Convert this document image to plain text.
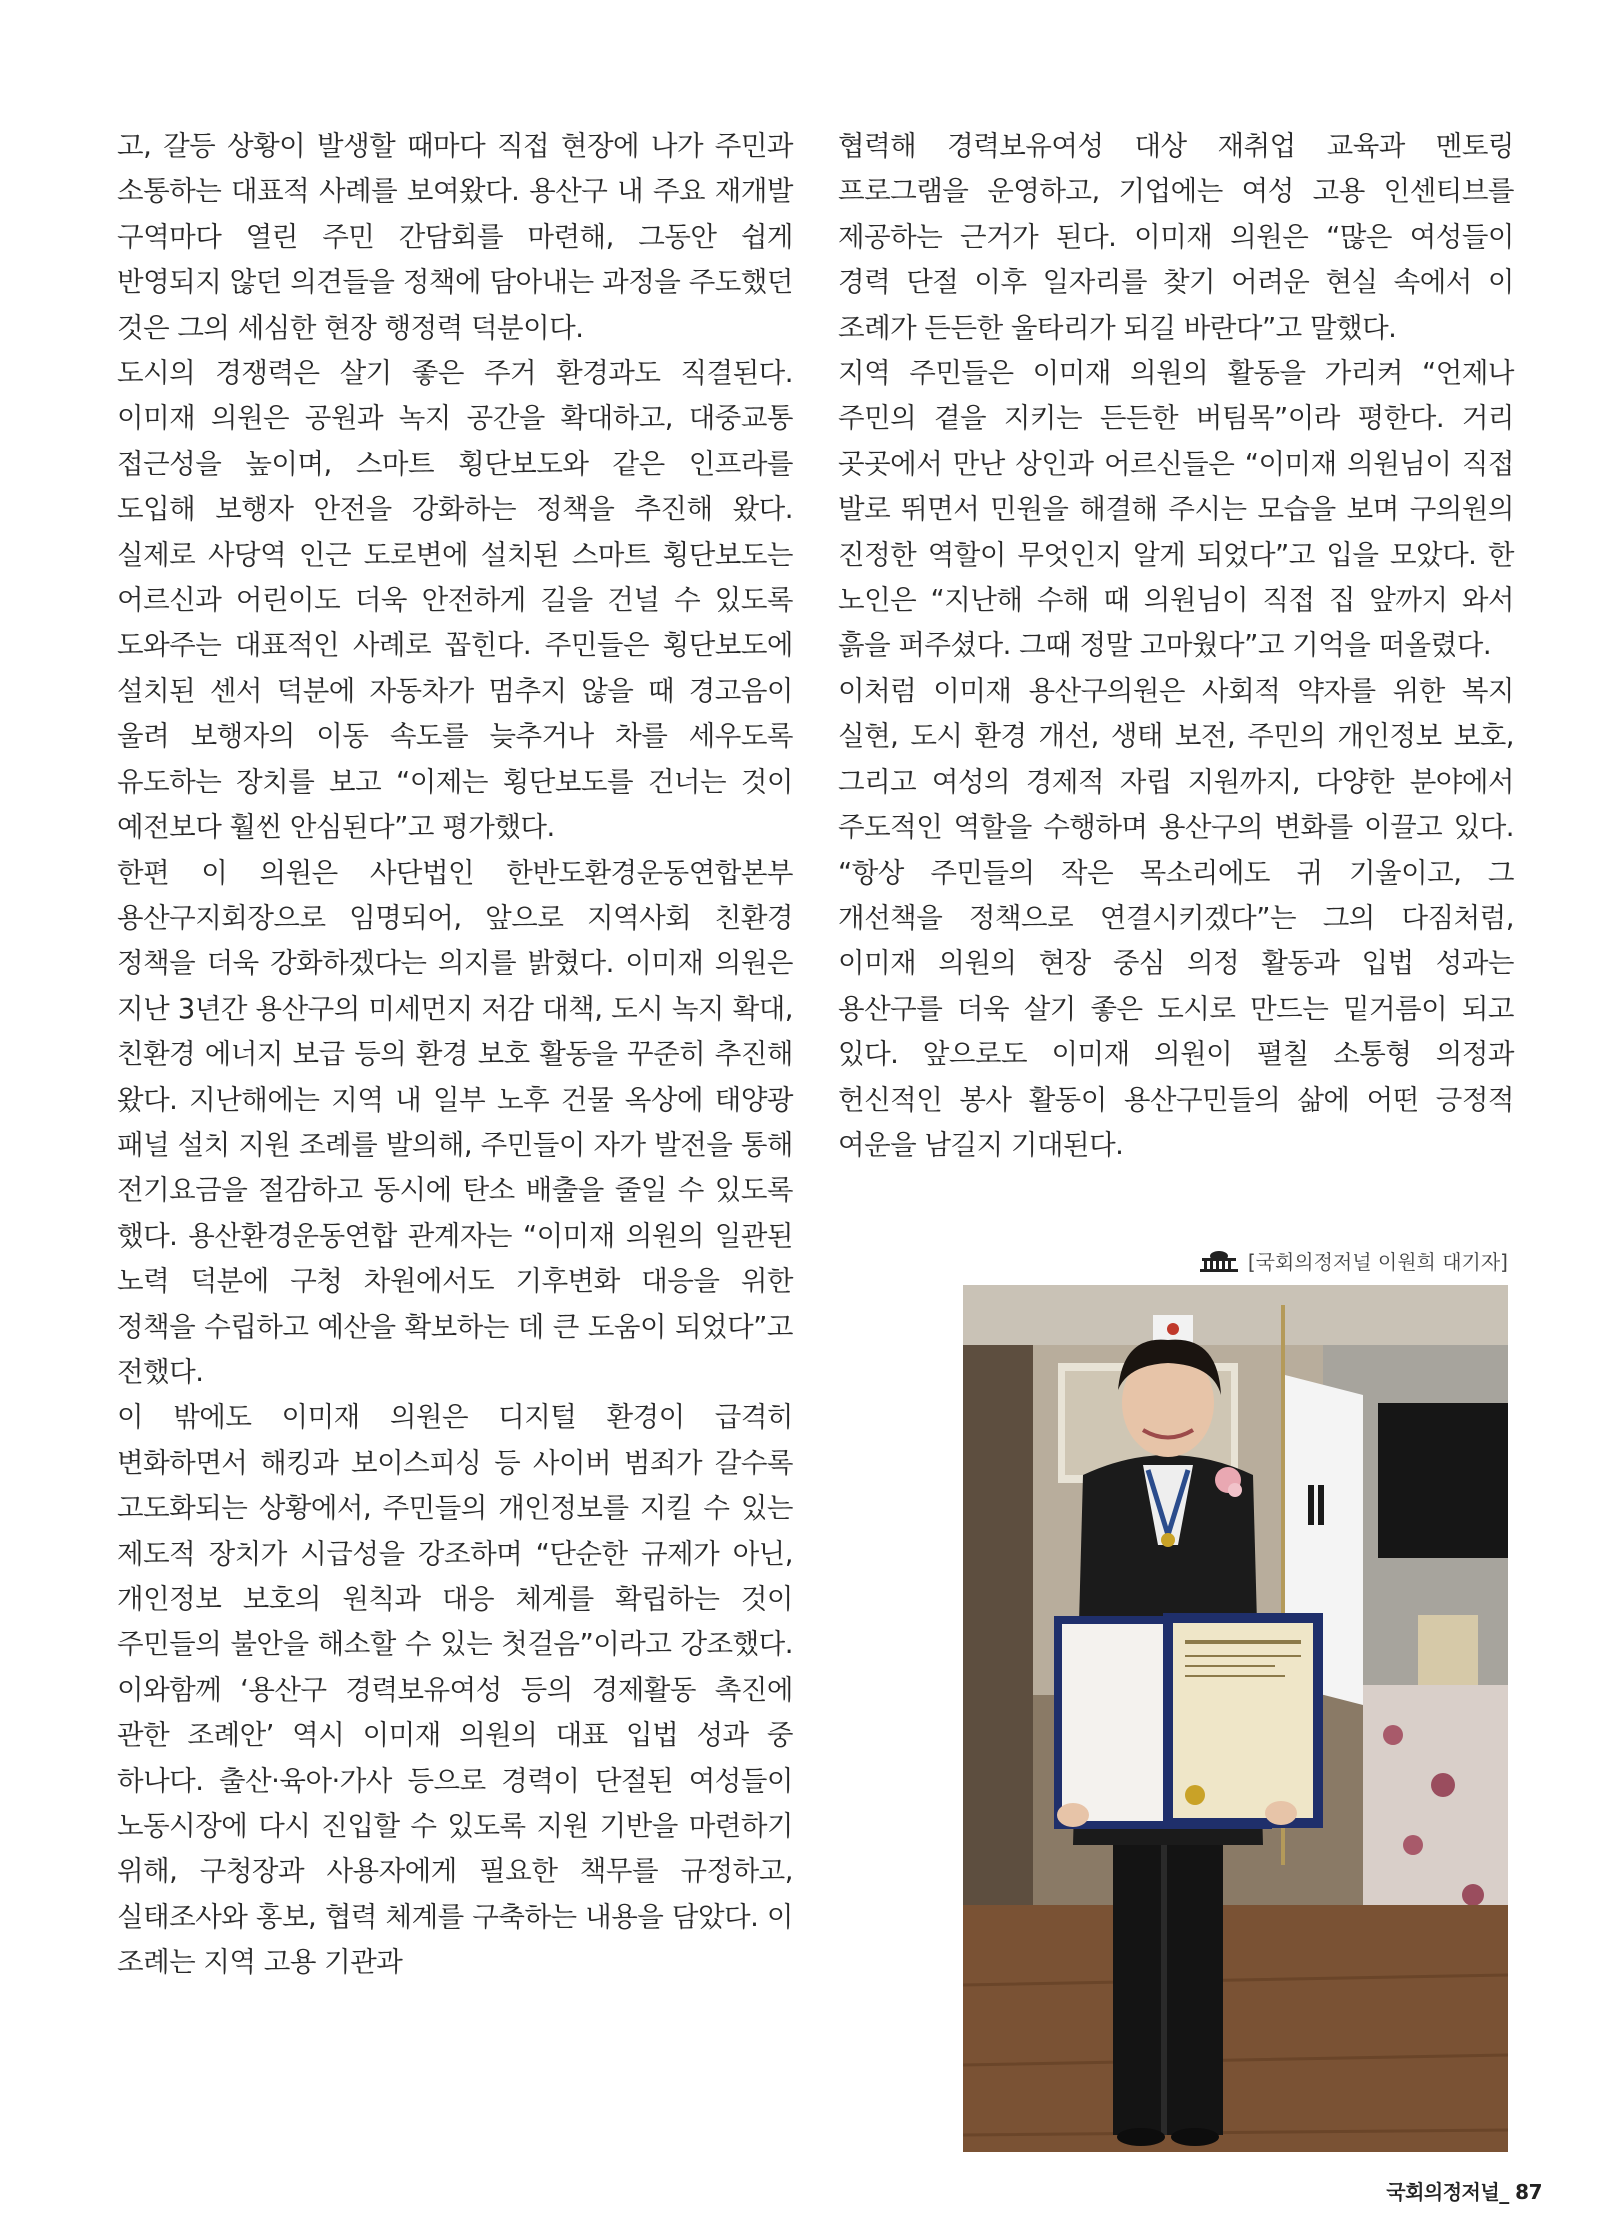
고, 갈등 상황이 발생할 때마다 직접 현장에 나가 주민과 소통하는 대표적 사례를 보여왔다. 용산구 내 주요 재개발 구역마다 열린 주민 간담회를 마련해, 그동안 쉽게 반영되지 않던 의견들을 정책에 담아내는 과정을 주도했던 것은 그의 세심한 현장 행정력 덕분이다.

도시의 경쟁력은 살기 좋은 주거 환경과도 직결된다. 이미재 의원은 공원과 녹지 공간을 확대하고, 대중교통 접근성을 높이며, 스마트 횡단보도와 같은 인프라를 도입해 보행자 안전을 강화하는 정책을 추진해 왔다. 실제로 사당역 인근 도로변에 설치된 스마트 횡단보도는 어르신과 어린이도 더욱 안전하게 길을 건널 수 있도록 도와주는 대표적인 사례로 꼽힌다. 주민들은 횡단보도에 설치된 센서 덕분에 자동차가 멈추지 않을 때 경고음이 울려 보행자의 이동 속도를 늦추거나 차를 세우도록 유도하는 장치를 보고 “이제는 횡단보도를 건너는 것이 예전보다 훨씬 안심된다”고 평가했다.

한편 이 의원은 사단법인 한반도환경운동연합본부 용산구지회장으로 임명되어, 앞으로 지역사회 친환경 정책을 더욱 강화하겠다는 의지를 밝혔다. 이미재 의원은 지난 3년간 용산구의 미세먼지 저감 대책, 도시 녹지 확대, 친환경 에너지 보급 등의 환경 보호 활동을 꾸준히 추진해 왔다. 지난해에는 지역 내 일부 노후 건물 옥상에 태양광 패널 설치 지원 조례를 발의해, 주민들이 자가 발전을 통해 전기요금을 절감하고 동시에 탄소 배출을 줄일 수 있도록 했다. 용산환경운동연합 관계자는 “이미재 의원의 일관된 노력 덕분에 구청 차원에서도 기후변화 대응을 위한 정책을 수립하고 예산을 확보하는 데 큰 도움이 되었다”고 전했다.

이 밖에도 이미재 의원은 디지털 환경이 급격히 변화하면서 해킹과 보이스피싱 등 사이버 범죄가 갈수록 고도화되는 상황에서, 주민들의 개인정보를 지킬 수 있는 제도적 장치가 시급성을 강조하며 “단순한 규제가 아닌, 개인정보 보호의 원칙과 대응 체계를 확립하는 것이 주민들의 불안을 해소할 수 있는 첫걸음”이라고 강조했다. 이와함께 ‘용산구 경력보유여성 등의 경제활동 촉진에 관한 조례안’ 역시 이미재 의원의 대표 입법 성과 중 하나다. 출산·육아·가사 등으로 경력이 단절된 여성들이 노동시장에 다시 진입할 수 있도록 지원 기반을 마련하기 위해, 구청장과 사용자에게 필요한 책무를 규정하고, 실태조사와 홍보, 협력 체계를 구축하는 내용을 담았다. 이 조례는 지역 고용 기관과

협력해 경력보유여성 대상 재취업 교육과 멘토링 프로그램을 운영하고, 기업에는 여성 고용 인센티브를 제공하는 근거가 된다. 이미재 의원은 “많은 여성들이 경력 단절 이후 일자리를 찾기 어려운 현실 속에서 이 조례가 든든한 울타리가 되길 바란다”고 말했다.

지역 주민들은 이미재 의원의 활동을 가리켜 “언제나 주민의 곁을 지키는 든든한 버팀목”이라 평한다. 거리 곳곳에서 만난 상인과 어르신들은 “이미재 의원님이 직접 발로 뛰면서 민원을 해결해 주시는 모습을 보며 구의원의 진정한 역할이 무엇인지 알게 되었다”고 입을 모았다. 한 노인은 “지난해 수해 때 의원님이 직접 집 앞까지 와서 흙을 퍼주셨다. 그때 정말 고마웠다”고 기억을 떠올렸다.

이처럼 이미재 용산구의원은 사회적 약자를 위한 복지 실현, 도시 환경 개선, 생태 보전, 주민의 개인정보 보호, 그리고 여성의 경제적 자립 지원까지, 다양한 분야에서 주도적인 역할을 수행하며 용산구의 변화를 이끌고 있다. “항상 주민들의 작은 목소리에도 귀 기울이고, 그 개선책을 정책으로 연결시키겠다”는 그의 다짐처럼, 이미재 의원의 현장 중심 의정 활동과 입법 성과는 용산구를 더욱 살기 좋은 도시로 만드는 밑거름이 되고 있다. 앞으로도 이미재 의원이 펼칠 소통형 의정과 헌신적인 봉사 활동이 용산구민들의 삶에 어떤 긍정적 여운을 남길지 기대된다.

[국회의정저널 이원희 대기자]
국회의정저널_ 87
